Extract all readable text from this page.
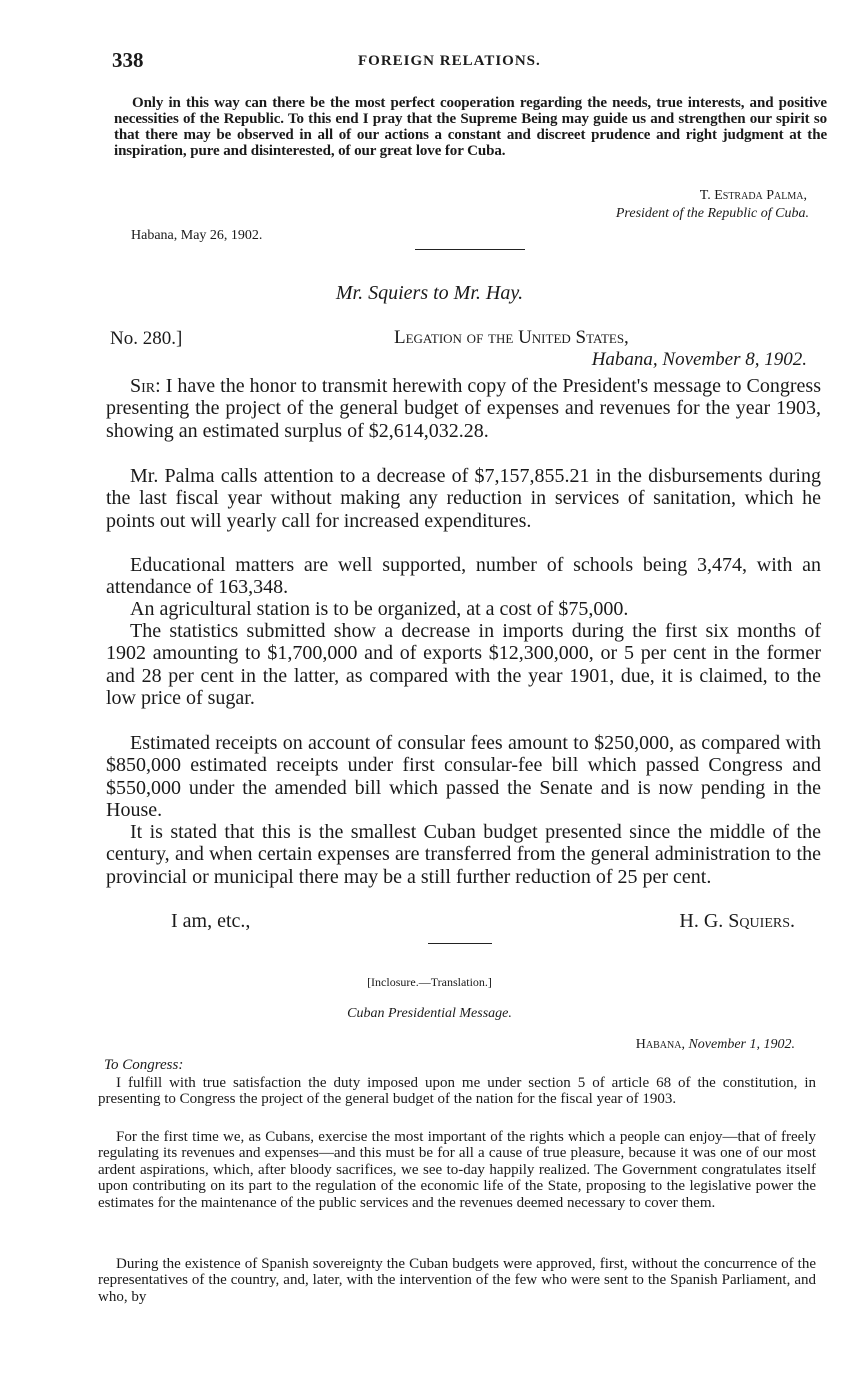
338	FOREIGN RELATIONS.
Only in this way can there be the most perfect cooperation regarding the needs, true interests, and positive necessities of the Republic. To this end I pray that the Supreme Being may guide us and strengthen our spirit so that there may be observed in all of our actions a constant and discreet prudence and right judgment at the inspiration, pure and disinterested, of our great love for Cuba.
T. Estrada Palma,
President of the Republic of Cuba.
Habana, May 26, 1902.
Mr. Squiers to Mr. Hay.
No. 280.]	Legation of the United States,
Habana, November 8, 1902.
Sir: I have the honor to transmit herewith copy of the President's message to Congress presenting the project of the general budget of expenses and revenues for the year 1903, showing an estimated surplus of $2,614,032.28.
Mr. Palma calls attention to a decrease of $7,157,855.21 in the disbursements during the last fiscal year without making any reduction in services of sanitation, which he points out will yearly call for increased expenditures.
Educational matters are well supported, number of schools being 3,474, with an attendance of 163,348.
An agricultural station is to be organized, at a cost of $75,000.
The statistics submitted show a decrease in imports during the first six months of 1902 amounting to $1,700,000 and of exports $12,300,000, or 5 per cent in the former and 28 per cent in the latter, as compared with the year 1901, due, it is claimed, to the low price of sugar.
Estimated receipts on account of consular fees amount to $250,000, as compared with $850,000 estimated receipts under first consular-fee bill which passed Congress and $550,000 under the amended bill which passed the Senate and is now pending in the House.
It is stated that this is the smallest Cuban budget presented since the middle of the century, and when certain expenses are transferred from the general administration to the provincial or municipal there may be a still further reduction of 25 per cent.
I am, etc.,	H. G. Squiers.
[Inclosure.—Translation.]
Cuban Presidential Message.
Habana, November 1, 1902.
To Congress:
I fulfill with true satisfaction the duty imposed upon me under section 5 of article 68 of the constitution, in presenting to Congress the project of the general budget of the nation for the fiscal year of 1903.
For the first time we, as Cubans, exercise the most important of the rights which a people can enjoy—that of freely regulating its revenues and expenses—and this must be for all a cause of true pleasure, because it was one of our most ardent aspirations, which, after bloody sacrifices, we see to-day happily realized. The Government congratulates itself upon contributing on its part to the regulation of the economic life of the State, proposing to the legislative power the estimates for the maintenance of the public services and the revenues deemed necessary to cover them.
During the existence of Spanish sovereignty the Cuban budgets were approved, first, without the concurrence of the representatives of the country, and, later, with the intervention of the few who were sent to the Spanish Parliament, and who, by
